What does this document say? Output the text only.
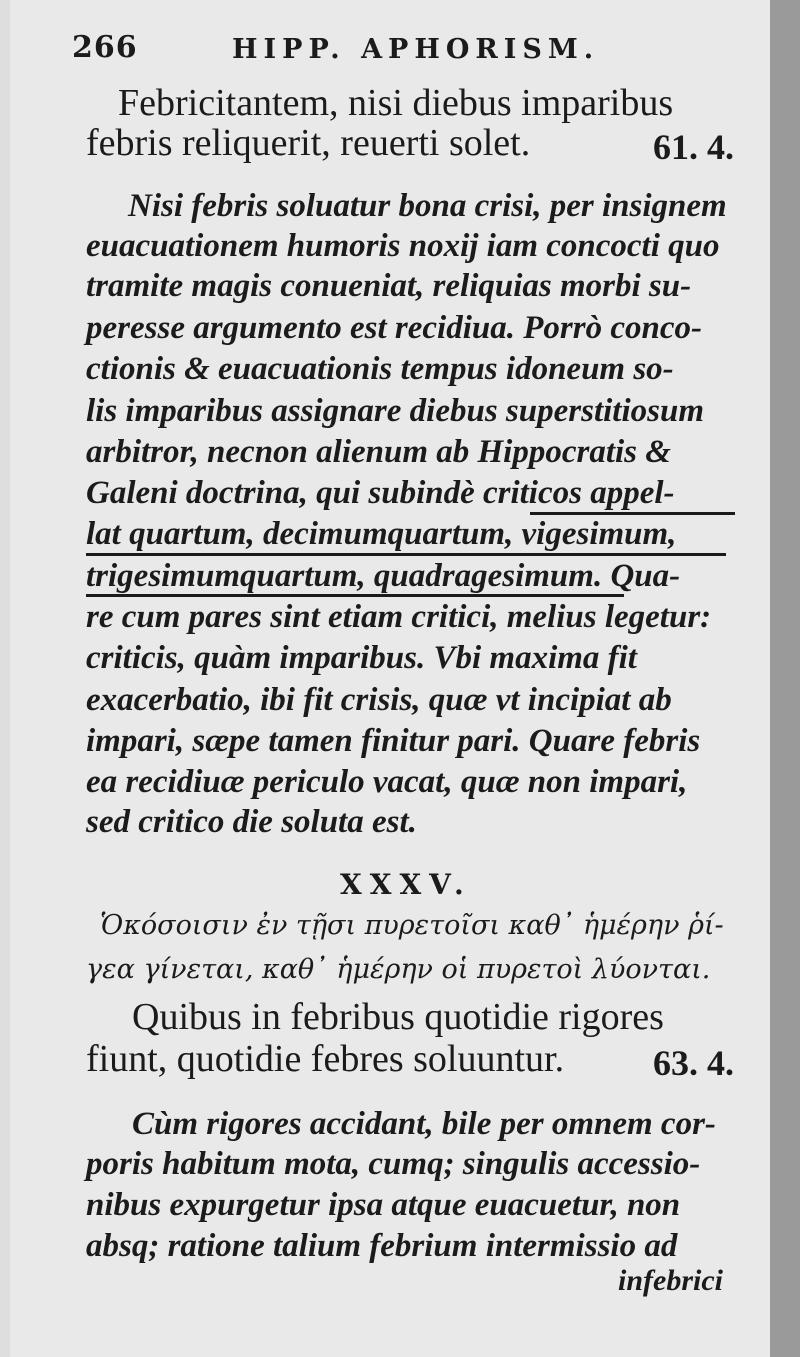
266	HIPP. APHORISM.
Febricitantem, nisi diebus imparibus
febris reliquerit, reuerti solet.	61. 4.
Nisi febris soluatur bona crisi, per insignem
euacuationem humoris noxij iam concocti quo
tramite magis conueniat, reliquias morbi su-
peresse argumento est recidiua. Porrò conco-
ctionis & euacuationis tempus idoneum so-
lis imparibus assignare diebus superstitiosum
arbitror, necnon alienum ab Hippocratis &
Galeni doctrina, qui subindè criticos appel-
lat quartum, decimumquartum, vigesimum,
trigesimumquartum, quadragesimum. Qua-
re cum pares sint etiam critici, melius legetur:
criticis, quàm imparibus. Vbi maxima fit
exacerbatio, ibi fit crisis, quæ vt incipiat ab
impari, sæpe tamen finitur pari. Quare febris
ea recidiuæ periculo vacat, quæ non impari,
sed critico die soluta est.
XXXV.
Ὁκόσοισιν ἐν τῇσι πυρετοῖσι καθ᾽ ἡμέρην ῥί-
γεα γίνεται, καθ᾽ ἡμέρην οἱ πυρετοὶ λύονται.
Quibus in febribus quotidie rigores
fiunt, quotidie febres soluuntur. 63. 4.
Cùm rigores accidant, bile per omnem cor-
poris habitum mota, cumq; singulis accessio-
nibus expurgetur ipsa atque euacuetur, non
absq; ratione talium febrium intermissio ad
infebrici
